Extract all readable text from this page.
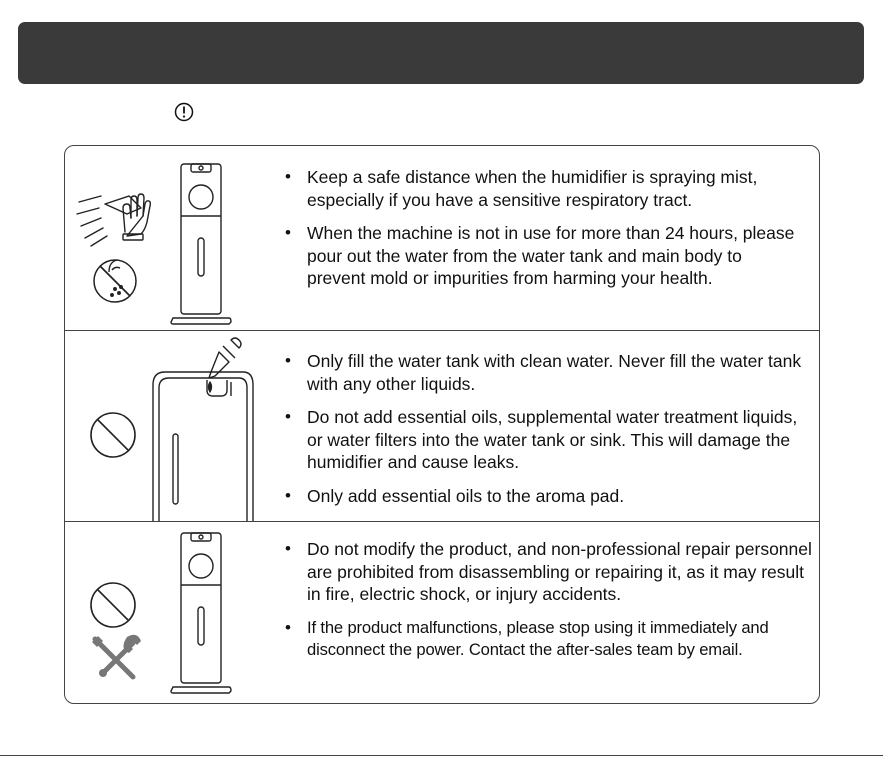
• Keep a safe distance when the humidifier is spraying mist, especially if you have a sensitive respiratory tract.
• When the machine is not in use for more than 24 hours, please pour out the water from the water tank and main body to prevent mold or impurities from harming your health.
• Only fill the water tank with clean water. Never fill the water tank with any other liquids.
• Do not add essential oils, supplemental water treatment liquids, or water filters into the water tank or sink. This will damage the humidifier and cause leaks.
• Only add essential oils to the aroma pad.
• Do not modify the product, and non-professional repair personnel are prohibited from disassembling or repairing it, as it may result in fire, electric shock, or injury accidents.
• If the product malfunctions, please stop using it immediately and disconnect the power. Contact the after-sales team by email.
